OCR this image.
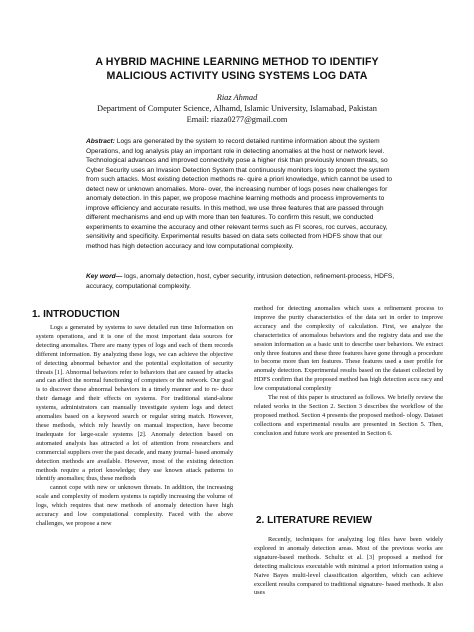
A HYBRID MACHINE LEARNING METHOD TO IDENTIFY
MALICIOUS ACTIVITY USING SYSTEMS LOG DATA
Riaz Ahmad
Department of Computer Science, Alhamd, Islamic University, Islamabad, Pakistan
Email: riaza0277@gmail.com
Abstract: Logs are generated by the system to record detailed runtime information about the system Operations, and log analysis play an important role in detecting anomalies at the host or network level. Technological advances and improved connectivity pose a higher risk than previously known threats, so Cyber Security uses an Invasion Detection System that continuously monitors logs to protect the system from such attacks. Most existing detection methods re- quire a priori knowledge, which cannot be used to detect new or unknown anomalies. More- over, the increasing number of logs poses new challenges for anomaly detection. In this paper, we propose machine learning methods and process improvements to improve efficiency and accurate results. In this method, we use three features that are passed through different mechanisms and end up with more than ten features. To confirm this result, we conducted experiments to examine the accuracy and other relevant terms such as FI scores, roc curves, accuracy, sensitivity and specificity. Experimental results based on data sets collected from HDFS show that our method has high detection accuracy and low computational complexity.
Key word— logs, anomaly detection, host, cyber security, intrusion detection, refinement-process, HDFS, accuracy, computational complexity.
1. INTRODUCTION

Logs a generated by systems to save detailed run time Information on system operations, and it is one of the most important data sources for detecting anomalies. There are many types of logs and each of them records different information. By analyzing these logs, we can achieve the objective of detecting abnormal behavior and the potential exploitation of security threats [1]. Abnormal behaviors refer to behaviors that are caused by attacks and can affect the normal functioning of computers or the network. Our goal is to discover these abnormal behaviors in a timely manner and to re- duce their damage and their effects on systems. For traditional stand-alone systems, administrators can manually investigate system logs and detect anomalies based on a keyword search or regular string match. However, these methods, which rely heavily on manual inspection, have become inadequate for large-scale systems [2]. Anomaly detection based on automated analysis has attracted a lot of attention from researchers and commercial suppliers over the past decade, and many journal- based anomaly detection methods are available. However, most of the existing detection methods require a priori knowledge; they use known attack patterns to identify anomalies; thus, these methods

cannot cope with new or unknown threats. In addition, the increasing scale and complexity of modern systems is rapidly increasing the volume of logs, which requires that new methods of anomaly detection have high accuracy and low computational complexity. Faced with the above challenges, we propose a new

method for detecting anomalies which uses a refinement process to improve the purity characteristics of the data set in order to improve accuracy and the complexity of calculation. First, we analyze the characteristics of anomalous behaviors and the registry data and use the session information as a basic unit to describe user behaviors. We extract only three features and these three features have gone through a procedure to become more than ten features. These features used a user profile for anomaly detection. Experimental results based on the dataset collected by HDFS confirm that the proposed method has high detection accu racy and low computational complexity

The rest of this paper is structured as follows. We briefly review the related works in the Section 2. Section 3 describes the workflow of the proposed method. Section 4 presents the proposed method- ology. Dataset collections and experimental results are presented in Section 5. Then, conclusion and future work are presented in Section 6.

2. LITERATURE REVIEW

Recently, techniques for analyzing log files have been widely explored in anomaly detection areas. Most of the previous works are signature-based methods. Schultz et al. [3] proposed a method for detecting malicious executable with minimal a priori information using a Naive Bayes multi-level classification algorithm, which can achieve excellent results compared to traditional signature- based methods. It also uses
